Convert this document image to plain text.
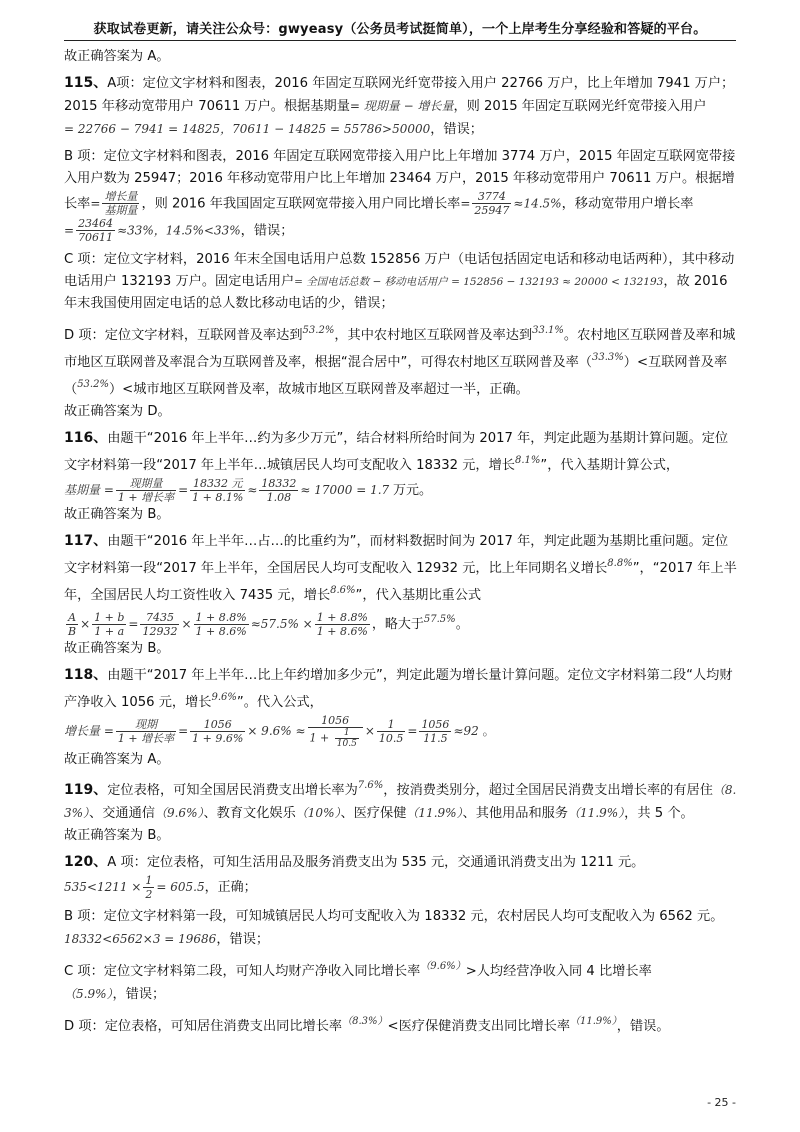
获取试卷更新，请关注公众号：gwyeasy（公务员考试挺简单），一个上岸考生分享经验和答疑的平台。

故正确答案为 A。

115、A项：定位文字材料和图表，2016 年固定互联网光纤宽带接入用户 22766 万户，比上年增加 7941 万户；2015 年移动宽带用户 70611 万户。根据基期量= 现期量 − 增长量，则 2015 年固定互联网光纤宽带接入用户
= 22766 − 7941 = 14825，70611 − 14825 = 55786>50000，错误；

B 项：定位文字材料和图表，2016 年固定互联网宽带接入用户比上年增加 3774 万户，2015 年固定互联网宽带接入用户数为 25947；2016 年移动宽带用户比上年增加 23464 万户，2015 年移动宽带用户 70611 万户。根据增长率= $\frac{\text{增长量}}{\text{基期量}}$ ，则 2016 年我国固定互联网宽带接入用户同比增长率= $\frac{3774}{25947} \approx 14.5\%$，移动宽带用户增长率
= $\frac{23464}{70611} \approx 33\%$，14.5%<33%，错误；

C 项：定位文字材料，2016 年末全国电话用户总数 152856 万户（电话包括固定电话和移动电话两种），其中移动电话用户 132193 万户。固定电话用户= 全国电话总数 − 移动电话用户 = 152856 − 132193 ≈ 20000 < 132193，故 2016 年末我国使用固定电话的总人数比移动电话的少，错误；

D 项：定位文字材料，互联网普及率达到$^{53.2\%}$，其中农村地区互联网普及率达到$^{33.1\%}$。农村地区互联网普及率和城市地区互联网普及率混合为互联网普及率，根据“混合居中”，可得农村地区互联网普及率（$^{33.3\%}$）<互联网普及率（$^{53.2\%}$）<城市地区互联网普及率，故城市地区互联网普及率超过一半，正确。

故正确答案为 D。

116、由题干“2016 年上半年…约为多少万元”，结合材料所给时间为 2017 年，判定此题为基期计算问题。定位文字材料第一段“2017 年上半年…城镇居民人均可支配收入 18332 元，增长$^{8.1\%}$”，代入基期计算公式，

基期量 = $\frac{\text{现期量}}{\text{1 + 增长率}} = \frac{\text{18332 元}}{1 + 8.1\%} \approx \frac{18332}{1.08} \approx 17000 = 1.7$ 万元。

故正确答案为 B。

117、由题干“2016 年上半年…占…的比重约为”，而材料数据时间为 2017 年，判定此题为基期比重问题。定位文字材料第一段“2017 年上半年，全国居民人均可支配收入 12932 元，比上年同期名义增长$^{8.8\%}$”，“2017 年上半年，全国居民人均工资性收入 7435 元，增长$^{8.6\%}$”，代入基期比重公式

$\frac{A}{B} \times \frac{1 + b}{1 + a} = \frac{7435}{12932} \times \frac{1 + 8.8\%}{1 + 8.6\%} \approx 57.5\% \times \frac{1 + 8.8\%}{1 + 8.6\%}$ ，略大于$^{57.5\%}$。

故正确答案为 B。

118、由题干“2017 年上半年…比上年约增加多少元”，判定此题为增长量计算问题。定位文字材料第二段“人均财产净收入 1056 元，增长$^{9.6\%}$”。代入公式，

增长量 = $\frac{\text{现期}}{\text{1 + 增长率}} = \frac{1056}{1 + 9.6\%} \times 9.6\% \approx \frac{1056}{1 + \frac{1}{10.5}} \times \frac{1}{10.5} = \frac{1056}{11.5} \approx 92$ 。

故正确答案为 A。

119、定位表格，可知全国居民消费支出增长率为$^{7.6\%}$，按消费类别分，超过全国居民消费支出增长率的有居住（8.3%）、交通通信（9.6%）、教育文化娱乐（10%）、医疗保健（11.9%）、其他用品和服务（11.9%），共 5 个。

故正确答案为 B。

120、A 项：定位表格，可知生活用品及服务消费支出为 535 元，交通通讯消费支出为 1211 元。

$535<1211 \times \frac{1}{2} = 605.5$，正确；

B 项：定位文字材料第一段，可知城镇居民人均可支配收入为 18332 元，农村居民人均可支配收入为 6562 元。
18332<6562×3 = 19686，错误；

C 项：定位文字材料第二段，可知人均财产净收入同比增长率$^{(9.6\%)}$>人均经营净收入同 4 比增长率
（5.9%），错误；

D 项：定位表格，可知居住消费支出同比增长率$^{(8.3\%)}$<医疗保健消费支出同比增长率$^{(11.9\%)}$，错误。

- 25 -
